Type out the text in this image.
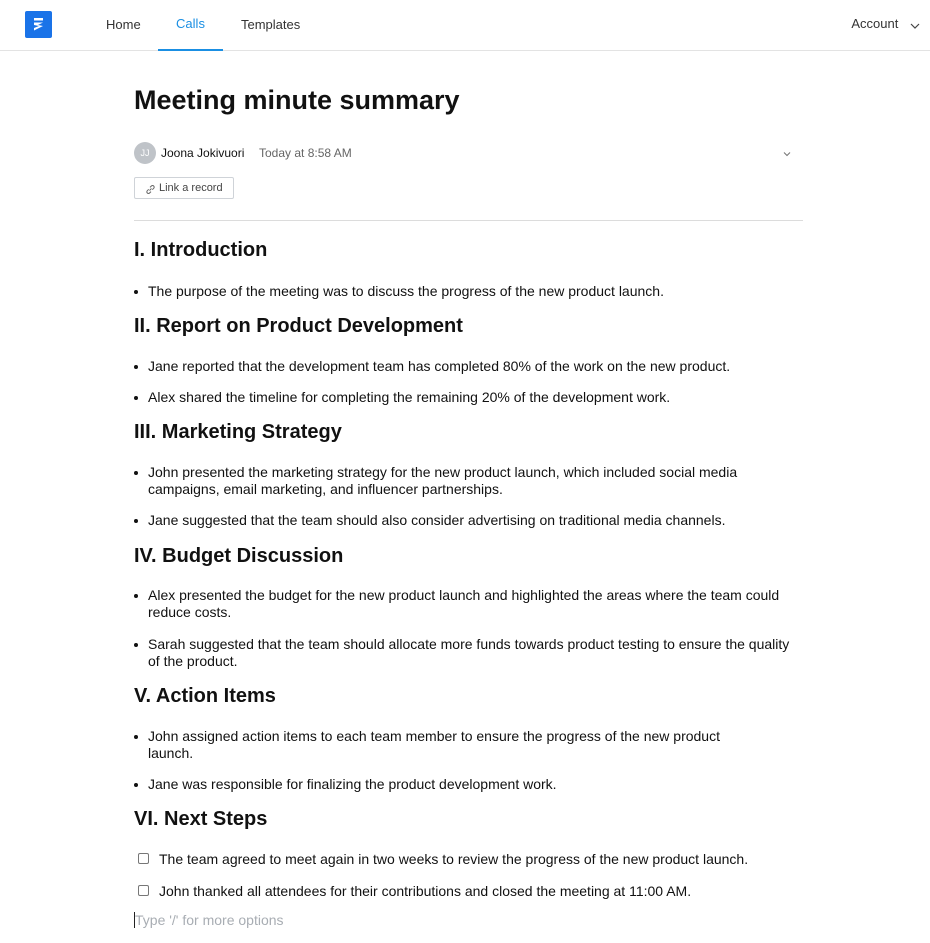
Home	Calls	Templates	Account
Meeting minute summary
JJ Joona Jokivuori Today at 8:58 AM
Link a record
I. Introduction
The purpose of the meeting was to discuss the progress of the new product launch.
II. Report on Product Development
Jane reported that the development team has completed 80% of the work on the new product.
Alex shared the timeline for completing the remaining 20% of the development work.
III. Marketing Strategy
John presented the marketing strategy for the new product launch, which included social media campaigns, email marketing, and influencer partnerships.
Jane suggested that the team should also consider advertising on traditional media channels.
IV. Budget Discussion
Alex presented the budget for the new product launch and highlighted the areas where the team could reduce costs.
Sarah suggested that the team should allocate more funds towards product testing to ensure the quality of the product.
V. Action Items
John assigned action items to each team member to ensure the progress of the new product launch.
Jane was responsible for finalizing the product development work.
VI. Next Steps
The team agreed to meet again in two weeks to review the progress of the new product launch.
John thanked all attendees for their contributions and closed the meeting at 11:00 AM.
Type '/' for more options
